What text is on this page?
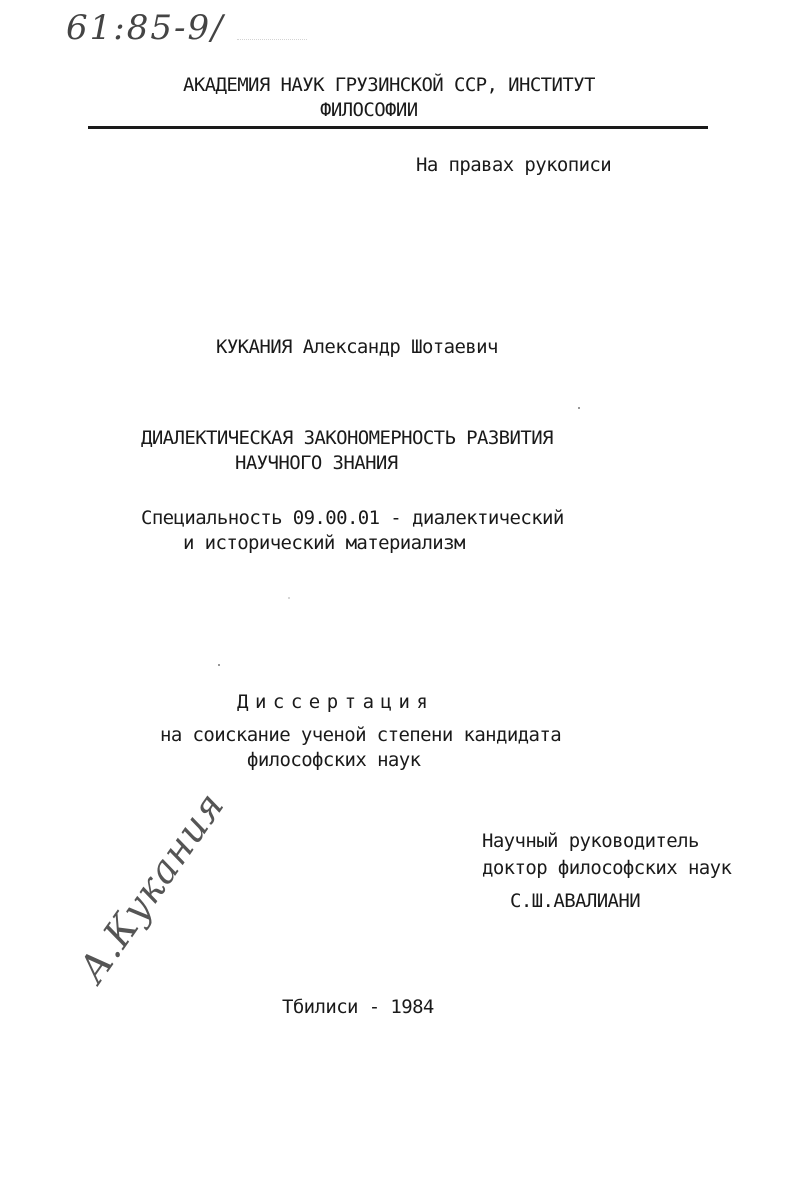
61:85-9/
АКАДЕМИЯ НАУК ГРУЗИНСКОЙ ССР, ИНСТИТУТ
ФИЛОСОФИИ
На правах рукописи
КУКАНИЯ Александр Шотаевич
ДИАЛЕКТИЧЕСКАЯ ЗАКОНОМЕРНОСТЬ РАЗВИТИЯ
НАУЧНОГО ЗНАНИЯ
Специальность 09.00.01 - диалектический
и исторический материализм
Диссертация
на соискание ученой степени кандидата
философских наук
Научный руководитель
доктор философских наук
С.Ш.АВАЛИАНИ
А.Кукания
Тбилиси - 1984
